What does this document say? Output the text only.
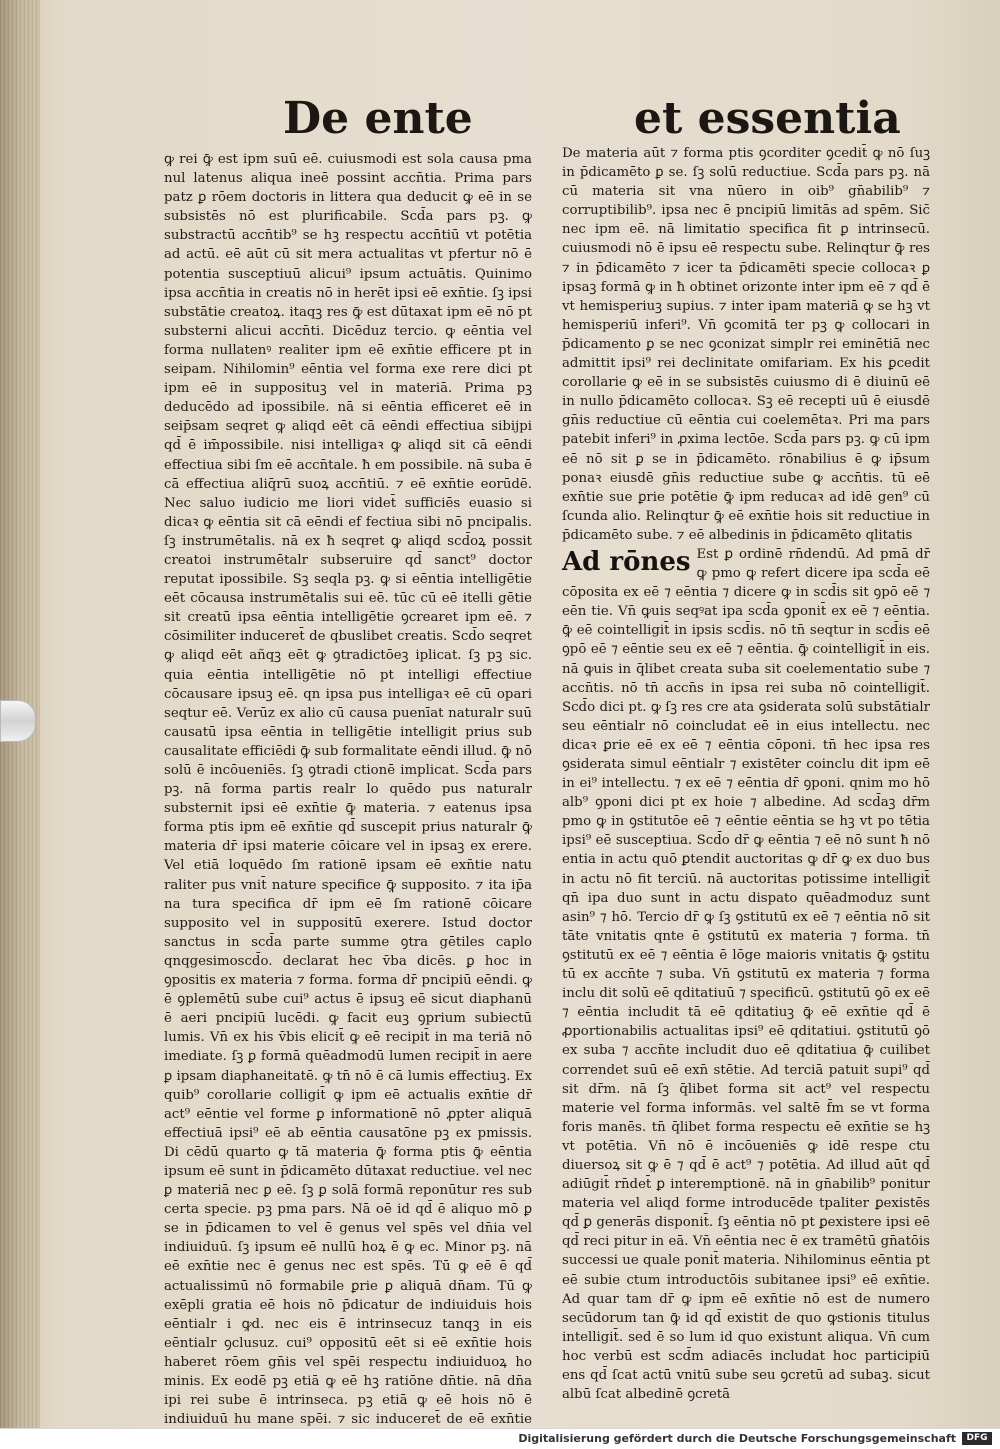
De ente	et essentia

ꝙ rei ꝙ̄ est ipm suū eē. cuiusmodi est sola causa pma nul latenus aliqua ineē possint accn̄tia. Prima pars patz ꝑ rōem doctoris in littera qua deducit ꝙ eē in se subsistēs nō est plurificabile. Scd̄a pars pꝫ. ꝙ substractū accn̄tib⁹ se hꝫ respectu accn̄tiū vt potētia ad actū. eē aūt cū sit mera actualitas vt pfertur nō ē potentia susceptiuū alicui⁹ ipsum actuātis. Quinimo ipsa accn̄tia in creatis nō in herēt ipsi eē exn̄tie. ſꝫ ipsi substātie creatoꝝ. itaqꝫ res ꝙ̄ est dūtaxat ipm eē nō pt substerni alicui accn̄ti. Dicēduz tercio. ꝙ eēntia vel forma nullatenꝰ realiter ipm eē exn̄tie efficere pt in seipam. Nihilomin⁹ eēntia vel forma exe rere dici pt ipm eē in supposituꝫ vel in materiā. Prima pꝫ deducēdo ad ipossibile. nā si eēntia efficeret eē in seip̄sam seqret ꝙ aliqd eēt cā eēndi effectiua sibijpi qd̄ ē im̄possibile. nisi intelligaꝛ ꝙ aliqd sit cā eēndi effectiua sibi ſm eē accn̄tale. ħ em possibile. nā suba ē cā effectiua aliq̄rū suoꝝ accn̄tiū. ⁊ eē exn̄tie eorūdē. Nec saluo iudicio me liori videt̄ sufficiēs euasio si dicaꝛ ꝙ eēntia sit cā eēndi ef fectiua sibi nō pncipalis. ſꝫ instrumētalis. nā ex ħ seqret ꝙ aliqd scd̄oꝝ possit creatoi instrumētalr subseruire qd̄ sanct⁹ doctor reputat ipossibile. Sꝫ seqla pꝫ. ꝙ si eēntia intelligētie eēt cōcausa instrumētalis sui eē. tūc cū eē itelli gētie sit creatū ipsa eēntia intelligētie ꝯcrearet ipm eē. ⁊ cōsimiliter induceret̄ de qbuslibet creatis. Scd̄o seqret ꝙ aliqd eēt añqꝫ eēt ꝙ ꝯtradictōeꝫ iplicat. ſꝫ pꝫ sic. quia eēntia intelligētie nō pt intelligi effectiue cōcausare ipsuꝫ eē. qn ipsa pus intelligaꝛ eē cū opari seqtur eē. Verūz ex alio cū causa puenīat naturalr suū causatū ipsa eēntia in telligētie intelligit prius sub causalitate efficiēdi ꝙ̄ sub formalitate eēndi illud. ꝙ̄ nō solū ē incōueniēs. ſꝫ ꝯtradi ctionē implicat. Scd̄a pars pꝫ. nā forma partis realr lo quēdo pus naturalr substernit ipsi eē exn̄tie ꝙ̄ materia. ⁊ eatenus ipsa forma ptis ipm eē exn̄tie qd̄ suscepit prius naturalr ꝙ̄ materia dr̄ ipsi materie cōicare vel in ipsaꝫ ex erere. Vel etiā loquēdo ſm rationē ipsam eē exn̄tie natu raliter pus vnit̄ nature specifice ꝙ̄ supposito. ⁊ ita ip̄a na tura specifica dr̄ ipm eē ſm rationē cōicare supposito vel in suppositū exerere. Istud doctor sanctus in scd̄a parte summe ꝯtra gētiles caplo qnqgesimoscd̄o. declarat hec v̄ba dicēs. ꝑ hoc in ꝯpositis ex materia ⁊ forma. forma dr̄ pncipiū eēndi. ꝙ ē ꝯplemētū sube cui⁹ actus ē ipsuꝫ eē sicut diaphanū ē aeri pncipiū lucēdi. ꝙ facit euꝫ ꝯprium subiectū lumis. Vn̄ ex his v̄bis elicit̄ ꝙ eē recipit̄ in ma teriā nō imediate. ſꝫ ꝑ formā quēadmodū lumen recipit̄ in aere ꝑ ipsam diaphaneitatē. ꝙ tn̄ nō ē cā lumis effectiuꝫ. Ex quib⁹ corollarie colligit̄ ꝙ ipm eē actualis exn̄tie dr̄ act⁹ eēntie vel forme ꝑ informationē nō ꝓpter aliquā effectiuā ipsi⁹ eē ab eēntia causatōne pꝫ ex pmissis. Di cēdū quarto ꝙ tā materia ꝙ̄ forma ptis ꝙ̄ eēntia ipsum eē sunt in p̄dicamēto dūtaxat reductiue. vel nec ꝑ materiā nec ꝑ eē. ſꝫ ꝑ solā formā reponūtur res sub certa specie. pꝫ pma pars. Nā oē id qd̄ ē aliquo mō ꝑ se in p̄dicamen to vel ē genus vel spēs vel dn̄ia vel indiuiduū. ſꝫ ipsum eē nullū hoꝝ ē ꝙ ec. Minor pꝫ. nā eē exn̄tie nec ē genus nec est spēs. Tū ꝙ eē ē qd̄ actualissimū nō formabile ꝑrie ꝑ aliquā dn̄am. Tū ꝙ exēpli gratia eē hois nō p̄dicatur de indiuiduis hois eēntialr i ꝙd. nec eis ē intrinsecuz tanqꝫ in eis eēntialr ꝯclusuz. cui⁹ oppositū eēt si eē exn̄tie hois haberet rōem gn̄is vel spēi respectu indiuiduoꝝ ho minis. Ex eodē pꝫ etiā ꝙ eē hꝫ ratiōne dn̄tie. nā dn̄a ipi rei sube ē intrinseca. pꝫ etiā ꝙ eē hois nō ē indiuiduū hu mane spēi. ⁊ sic induceret̄ de eē exn̄tie

De materia aūt ⁊ forma ptis ꝯcorditer ꝯcedit̄ ꝙ nō ſuꝫ in p̄dicamēto ꝑ se. ſꝫ solū reductiue. Scd̄a pars pꝫ. nā cū materia sit vna nūero in oib⁹ gn̄abilib⁹ ⁊ corruptibilib⁹. ipsa nec ē pncipiū limitās ad spēm. Sic̄ nec ipm eē. nā limitatio specifica fit ꝑ intrinsecū. cuiusmodi nō ē ipsu eē respectu sube. Relinqtur ꝙ̄ res ⁊ in p̄dicamēto ⁊ icer ta p̄dicamēti specie collocaꝛ ꝑ ipsaꝫ formā ꝙ in ħ obtinet orizonte inter ipm eē ⁊ qd̄ ē vt hemisperiuꝫ supius. ⁊ inter ipam materiā ꝙ se hꝫ vt hemisperiū inferi⁹. Vn̄ ꝯcomitā ter pꝫ ꝙ collocari in p̄dicamento ꝑ se nec ꝯconizat simplr rei eminētiā nec admittit ipsi⁹ rei declinitate omifariam. Ex his ꝑcedit corollarie ꝙ eē in se subsistēs cuiusmo di ē diuinū eē in nullo p̄dicamēto collocaꝛ. Sꝫ eē recepti uū ē eiusdē gn̄is reductiue cū eēntia cui coelemētaꝛ. Pri ma pars patebit inferi⁹ in ꝓxima lectōe. Scd̄a pars pꝫ. ꝙ cū ipm eē nō sit ꝑ se in p̄dicamēto. rōnabilius ē ꝙ ip̄sum ponaꝛ eiusdē gn̄is reductiue sube ꝙ accn̄tis. tū eē exn̄tie sue ꝑrie potētie ꝙ̄ ipm reducaꝛ ad idē gen⁹ cū ſcunda alio. Relinqtur ꝙ̄ eē exn̄tie hois sit reductiue in p̄dicamēto sube. ⁊ eē albedinis in p̄dicamēto qlitatis

Ad rōnes Est ꝑ ordinē rn̄dendū. Ad pmā dr̄ ꝙ pmo ꝙ refert dicere ipa scd̄a eē cōposita ex eē ⁊ eēntia ⁊ dicere ꝙ in scd̄is sit ꝯpō eē ⁊ eēn tie. Vn̄ ꝙuis seqꝰat ipa scd̄a ꝯponit̄ ex eē ⁊ eēntia. ꝙ̄ eē cointelligit̄ in ipsis scd̄is. nō tn̄ seqtur in scd̄is eē ꝯpō eē ⁊ eēntie seu ex eē ⁊ eēntia. ꝙ̄ cointelligit̄ in eis. nā ꝙuis in q̄libet creata suba sit coelementatio sube ⁊ accn̄tis. nō tn̄ accn̄s in ipsa rei suba nō cointelligit̄. Scd̄o dici pt. ꝙ ſꝫ res cre ata ꝯsiderata solū substātialr seu eēntialr nō coincludat eē in eius intellectu. nec dicaꝛ ꝑrie eē ex eē ⁊ eēntia cōponi. tn̄ hec ipsa res ꝯsiderata simul eēntialr ⁊ existēter coinclu dit ipm eē in ei⁹ intellectu. ⁊ ex eē ⁊ eēntia dr̄ ꝯponi. qnim mo hō alb⁹ ꝯponi dici pt ex hoie ⁊ albedine. Ad scd̄aꝫ dr̄m pmo ꝙ in ꝯstitutōe eē ⁊ eēntie eēntia se hꝫ vt po tētia ipsi⁹ eē susceptiua. Scd̄o dr̄ ꝙ eēntia ⁊ eē nō sunt ħ nō entia in actu quō ꝑtendit auctoritas ꝙ dr̄ ꝙ ex duo bus in actu nō fit terciū. nā auctoritas potissime intelligit̄ qn̄ ipa duo sunt in actu dispato quēadmoduz sunt asin⁹ ⁊ hō. Tercio dr̄ ꝙ ſꝫ ꝯstitutū ex eē ⁊ eēntia nō sit tāte vnitatis qnte ē ꝯstitutū ex materia ⁊ forma. tn̄ ꝯstitutū ex eē ⁊ eēntia ē lōge maioris vnitatis ꝙ̄ ꝯstitu tū ex accn̄te ⁊ suba. Vn̄ ꝯstitutū ex materia ⁊ forma inclu dit solū eē qditatiuū ⁊ specificū. ꝯstitutū ꝯō ex eē ⁊ eēntia includit tā eē qditatiuꝫ ꝙ̄ eē exn̄tie qd̄ ē ꝓportionabilis actualitas ipsi⁹ eē qditatiui. ꝯstitutū ꝯō ex suba ⁊ accn̄te includit duo eē qditatiua ꝙ̄ cuilibet correndet suū eē exn̄ stētie. Ad terciā patuit supi⁹ qd̄ sit dr̄m. nā ſꝫ q̄libet forma sit act⁹ vel respectu materie vel forma informās. vel saltē f̄m se vt forma foris manēs. tn̄ q̄libet forma respectu eē exn̄tie se hꝫ vt potētia. Vn̄ nō ē incōueniēs ꝙ idē respe ctu diuersoꝝ sit ꝙ ē ⁊ qd̄ ē act⁹ ⁊ potētia. Ad illud aūt qd̄ adiūgit̄ rn̄det̄ ꝑ interemptionē. nā in gn̄abilib⁹ ponitur materia vel aliqd forme introducēde tpaliter ꝑexistēs qd̄ ꝑ generās disponit̄. ſꝫ eēntia nō pt ꝑexistere ipsi eē qd̄ reci pitur in eā. Vn̄ eēntia nec ē ex tramētū gn̄atōis successi ue quale ponit̄ materia. Nihilominus eēntia pt eē subie ctum introductōis subitanee ipsi⁹ eē exn̄tie. Ad quar tam dr̄ ꝙ ipm eē exn̄tie nō est de numero secūdorum tan ꝙ̄ id qd̄ existit de quo ꝙstionis titulus intelligit̄. sed ē so lum id quo existunt aliqua. Vn̄ cum hoc verbū est scd̄m adiacēs includat hoc participiū ens qd̄ ſcat actū vnitū sube seu ꝯcretū ad subaꝫ. sicut albū ſcat albedinē ꝯcretā

Digitalisierung gefördert durch die Deutsche Forschungsgemeinschaft	DFG
